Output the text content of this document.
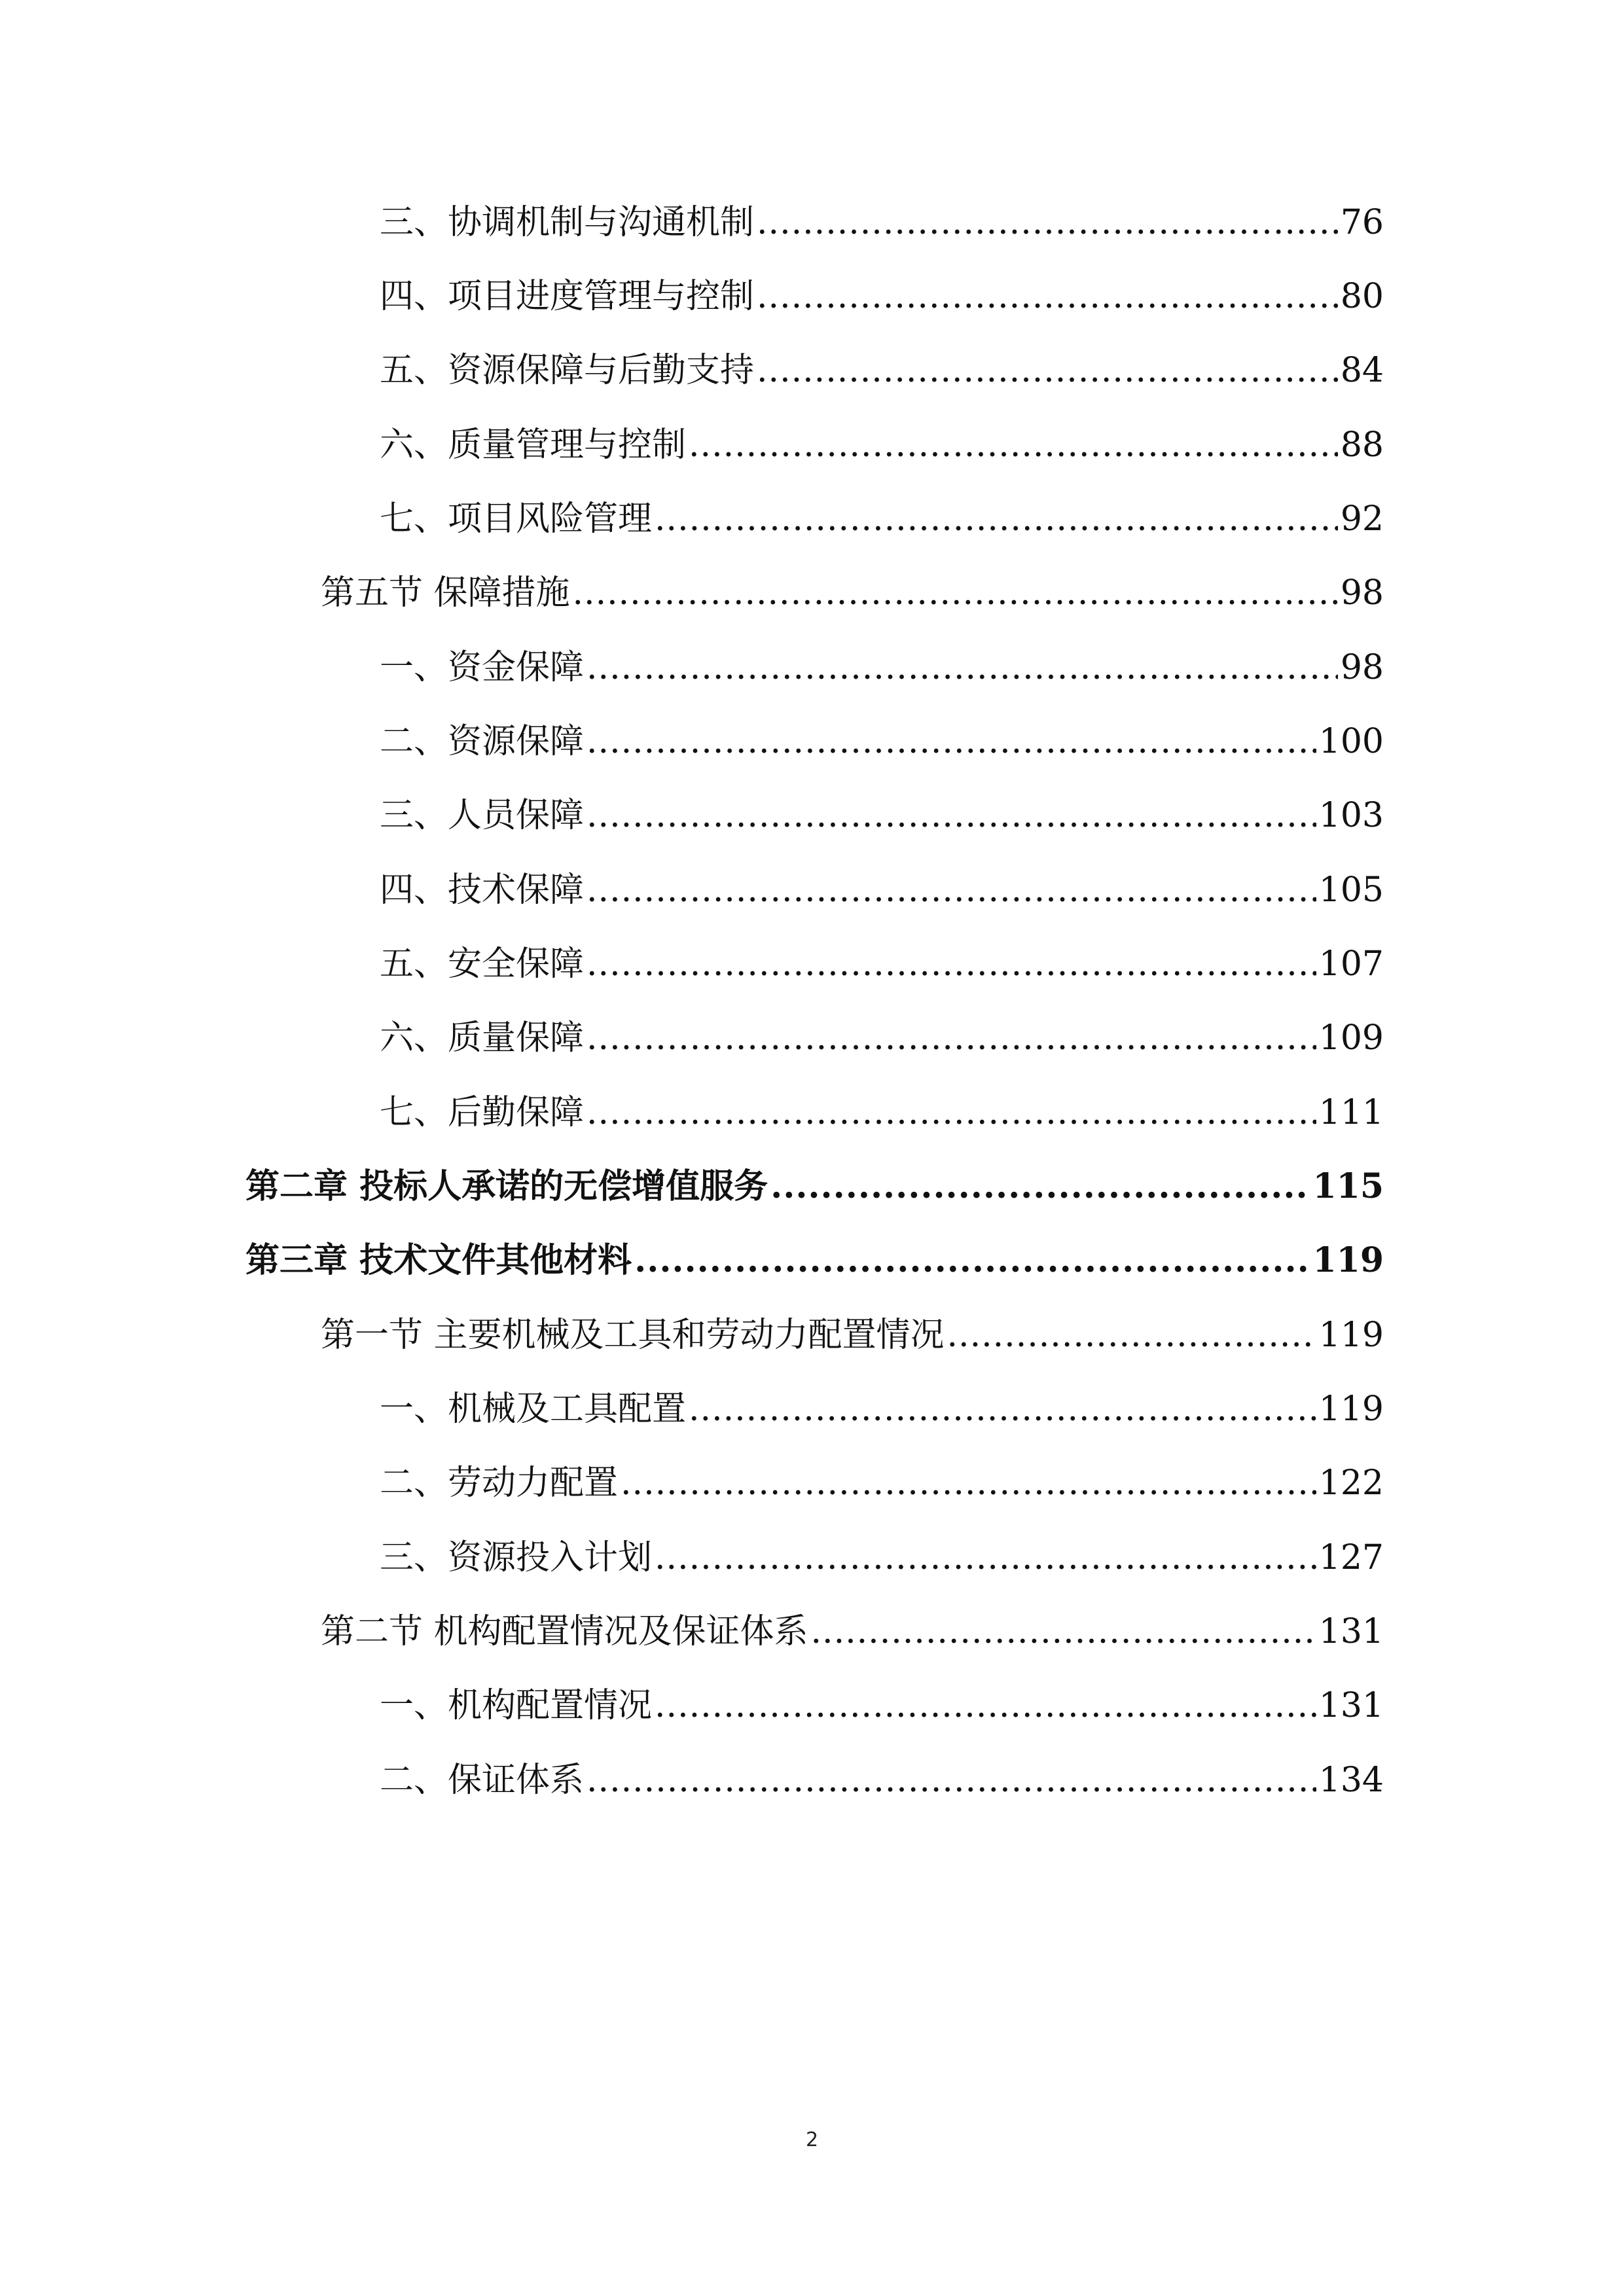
三、协调机制与沟通机制 .....	76
四、项目进度管理与控制 .....	80
五、资源保障与后勤支持 .....	84
六、质量管理与控制 .....	88
七、项目风险管理 .....	92
第五节 保障措施 .....	98
一、资金保障 .....	98
二、资源保障 .....	100
三、人员保障 .....	103
四、技术保障 .....	105
五、安全保障 .....	107
六、质量保障 .....	109
七、后勤保障 .....	111
第二章 投标人承诺的无偿增值服务 .....	115
第三章 技术文件其他材料 .....	119
第一节 主要机械及工具和劳动力配置情况 .....	119
一、机械及工具配置 .....	119
二、劳动力配置 .....	122
三、资源投入计划 .....	127
第二节 机构配置情况及保证体系 .....	131
一、机构配置情况 .....	131
二、保证体系 .....	134
2
